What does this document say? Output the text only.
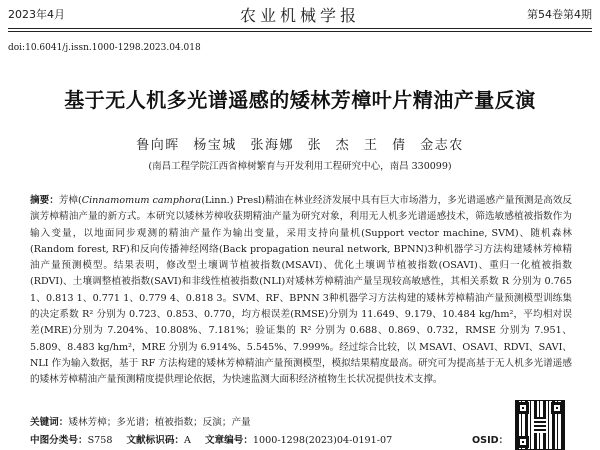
2023年4月	农业机械学报	第54卷第4期
doi:10.6041/j.issn.1000-1298.2023.04.018
基于无人机多光谱遥感的矮林芳樟叶片精油产量反演
鲁向晖 杨宝城 张海娜 张 杰 王 倩 金志农
(南昌工程学院江西省樟树繁育与开发利用工程研究中心，南昌 330099)
摘要：芳樟(Cinnamomum camphora(Linn.) Presl)精油在林业经济发展中具有巨大市场潜力，多光谱遥感产量预测是高效反演芳樟精油产量的新方式。本研究以矮林芳樟收获期精油产量为研究对象，利用无人机多光谱遥感技术，筛选敏感植被指数作为输入变量，以地面同步观测的精油产量作为输出变量，采用支持向量机(Support vector machine, SVM)、随机森林(Random forest, RF)和反向传播神经网络(Back propagation neural network, BPNN)3种机器学习方法构建矮林芳樟精油产量预测模型。结果表明，修改型土壤调节植被指数(MSAVI)、优化土壤调节植被指数(OSAVI)、重归一化植被指数(RDVI)、土壤调整植被指数(SAVI)和非线性植被指数(NLI)对矮林芳樟精油产量呈现较高敏感性，其相关系数 R 分别为 0.765 1、0.813 1、0.771 1、0.779 4、0.818 3。SVM、RF、BPNN 3种机器学习方法构建的矮林芳樟精油产量预测模型训练集的决定系数 R² 分别为 0.723、0.853、0.770，均方根误差(RMSE)分别为 11.649、9.179、10.484 kg/hm²，平均相对误差(MRE)分别为 7.204%、10.808%、7.181%；验证集的 R² 分别为 0.688、0.869、0.732，RMSE 分别为 7.951、5.809、8.483 kg/hm²，MRE 分别为 6.914%、5.545%、7.999%。经过综合比较，以 MSAVI、OSAVI、RDVI、SAVI、NLI 作为输入数据，基于 RF 方法构建的矮林芳樟精油产量预测模型，模拟结果精度最高。研究可为提高基于无人机多光谱遥感的矮林芳樟精油产量预测精度提供理论依据，为快速监测大面积经济植物生长状况提供技术支撑。
关键词：矮林芳樟；多光谱；植被指数；反演；产量
中图分类号：S758 文献标识码：A 文章编号：1000-1298(2023)04-0191-07	OSID：
